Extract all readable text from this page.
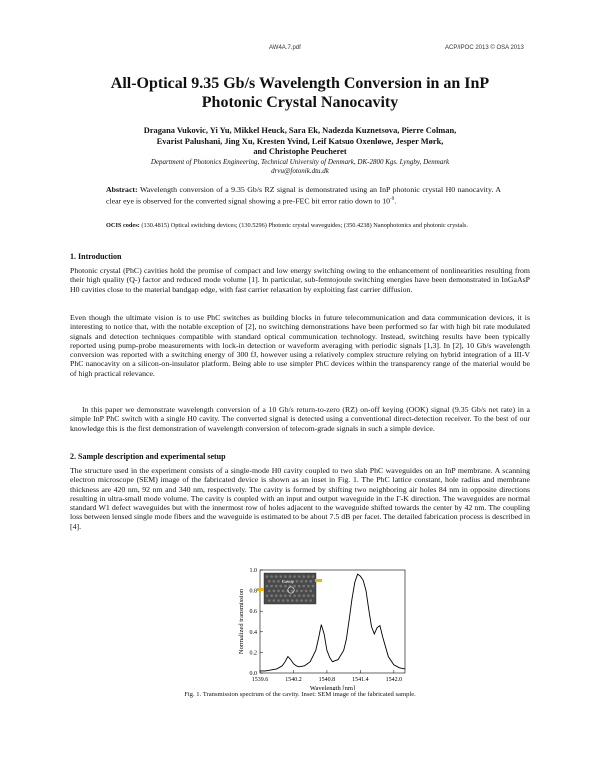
AW4A.7.pdf	ACP/IPOC 2013 © OSA 2013
All-Optical 9.35 Gb/s Wavelength Conversion in an InP
Photonic Crystal Nanocavity
Dragana Vukovic, Yi Yu, Mikkel Heuck, Sara Ek, Nadezda Kuznetsova, Pierre Colman,
Evarist Palushani, Jing Xu, Kresten Yvind, Leif Katsuo Oxenløwe, Jesper Mørk,
and Christophe Peucheret
Department of Photonics Engineering, Technical University of Denmark, DK-2800 Kgs. Lyngby, Denmark
drvu@fotonik.dtu.dk
Abstract: Wavelength conversion of a 9.35 Gb/s RZ signal is demonstrated using an InP photonic crystal H0 nanocavity. A clear eye is observed for the converted signal showing a pre-FEC bit error ratio down to $10^{-9}$.
OCIS codes: (130.4815) Optical switching devices; (130.5296) Photonic crystal waveguides; (350.4238) Nanophotonics and photonic crystals.
1. Introduction

Photonic crystal (PhC) cavities hold the promise of compact and low energy switching owing to the enhancement of nonlinearities resulting from their high quality (Q-) factor and reduced mode volume [1]. In particular, sub-femtojoule switching energies have been demonstrated in InGaAsP H0 cavities close to the material bandgap edge, with fast carrier relaxation by exploiting fast carrier diffusion.

Even though the ultimate vision is to use PhC switches as building blocks in future telecommunication and data communication devices, it is interesting to notice that, with the notable exception of [2], no switching demonstrations have been performed so far with high bit rate modulated signals and detection techniques compatible with standard optical communication technology. Instead, switching results have been typically reported using pump-probe measurements with lock-in detection or waveform averaging with periodic signals [1,3]. In [2], 10 Gb/s wavelength conversion was reported with a switching energy of 300 fJ, however using a relatively complex structure relying on hybrid integration of a III-V PhC nanocavity on a silicon-on-insulator platform. Being able to use simpler PhC devices within the transparency range of the material would be of high practical relevance.

In this paper we demonstrate wavelength conversion of a 10 Gb/s return-to-zero (RZ) on-off keying (OOK) signal (9.35 Gb/s net rate) in a simple InP PhC switch with a single H0 cavity. The converted signal is detected using a conventional direct-detection receiver. To the best of our knowledge this is the first demonstration of wavelength conversion of telecom-grade signals in such a simple device.

2. Sample description and experimental setup

The structure used in the experiment consists of a single-mode H0 cavity coupled to two slab PhC waveguides on an InP membrane. A scanning electron microscope (SEM) image of the fabricated device is shown as an inset in Fig. 1. The PhC lattice constant, hole radius and membrane thickness are 420 nm, 92 nm and 340 nm, respectively. The cavity is formed by shifting two neighboring air holes 84 nm in opposite directions resulting in ultra-small mode volume. The cavity is coupled with an input and output waveguide in the Γ-K direction. The waveguides are normal standard W1 defect waveguides but with the innermost row of holes adjacent to the waveguide shifted towards the center by 42 nm. The coupling loss between lensed single mode fibers and the waveguide is estimated to be about 7.5 dB per facet. The detailed fabrication process is described in [4].

0.0
0.2
0.4
0.6
0.8
1.0
1539.6	1540.2	1540.8	1541.4	1542.0
Wavelength [nm]
Normalized transmission
Cavity
Fig. 1. Transmission spectrum of the cavity. Inset: SEM image of the fabricated sample.
